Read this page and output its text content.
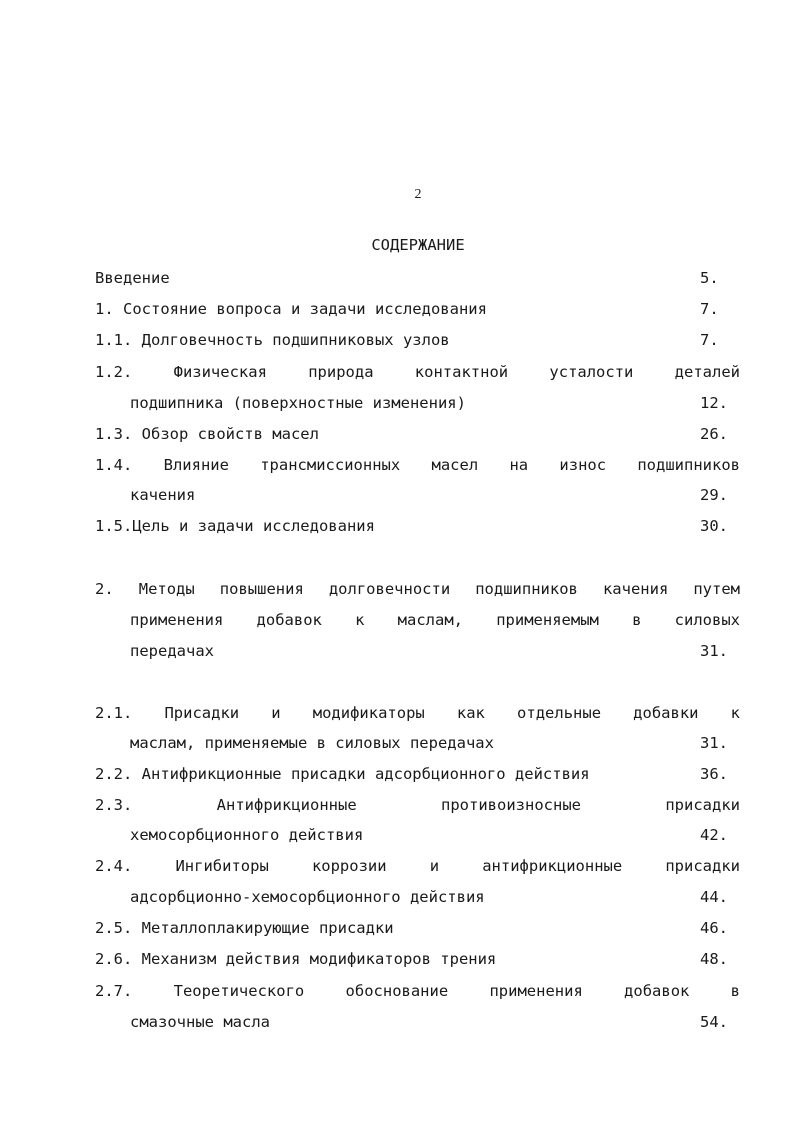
2
СОДЕРЖАНИЕ
Введение	5.
1. Состояние вопроса и задачи исследования	7.
1.1. Долговечность подшипниковых узлов	7.
1.2. Физическая природа контактной усталости деталей
подшипника (поверхностные изменения)	12.
1.3. Обзор свойств масел	26.
1.4. Влияние трансмиссионных масел на износ подшипников
качения	29.
1.5.Цель и задачи исследования	30.
2. Методы повышения долговечности подшипников качения путем
применения добавок к маслам, применяемым в силовых
передачах	31.
2.1. Присадки и модификаторы как отдельные добавки к
маслам, применяемые в силовых передачах	31.
2.2. Антифрикционные присадки адсорбционного действия	36.
2.3. Антифрикционные противоизносные присадки
хемосорбционного действия	42.
2.4. Ингибиторы коррозии и антифрикционные присадки
адсорбционно-хемосорбционного действия	44.
2.5. Металлоплакирующие присадки	46.
2.6. Механизм действия модификаторов трения	48.
2.7. Теоретического обоснование применения добавок в
смазочные масла	54.
